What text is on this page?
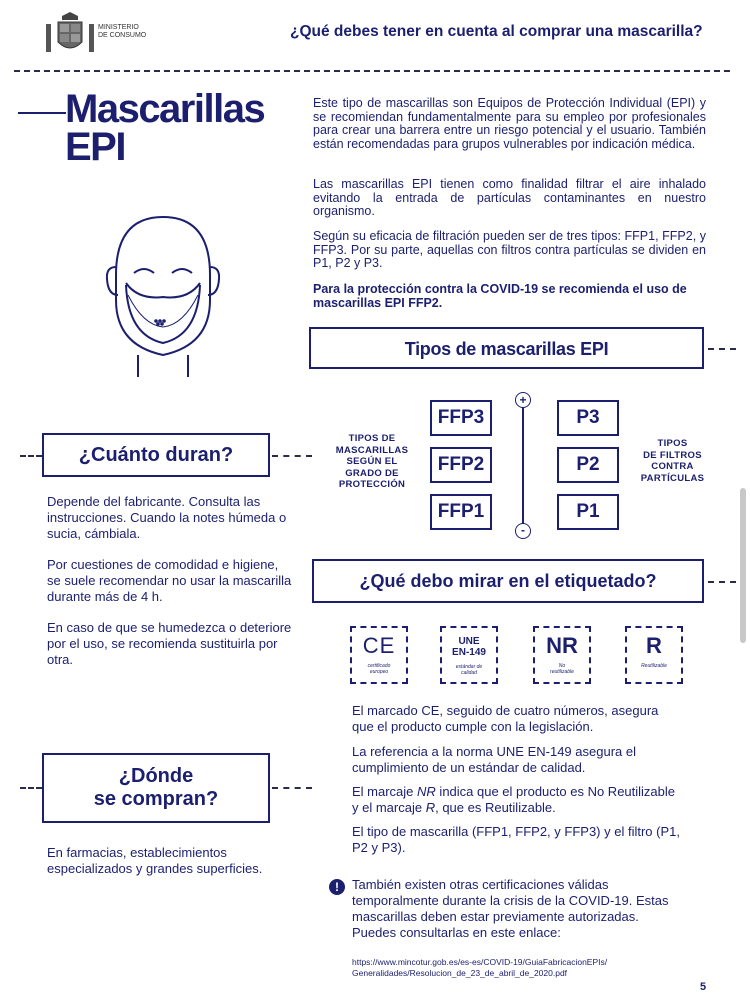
MINISTERIO
DE CONSUMO	¿Qué debes tener en cuenta al comprar una mascarilla?
Mascarillas
EPI

Este tipo de mascarillas son Equipos de Protección Individual (EPI) y se recomiendan fundamentalmente para su empleo por profesionales para crear una barrera entre un riesgo potencial y el usuario. También están recomendadas para grupos vulnerables por indicación médica.

Las mascarillas EPI tienen como finalidad filtrar el aire inhalado evitando la entrada de partículas contaminantes en nuestro organismo.

Según su eficacia de filtración pueden ser de tres tipos: FFP1, FFP2, y FFP3. Por su parte, aquellas con filtros contra partículas se dividen en P1, P2 y P3.

Para la protección contra la COVID-19 se recomienda el uso de mascarillas EPI FFP2.

Tipos de mascarillas EPI
TIPOS DE
MASCARILLAS
SEGÚN EL
GRADO DE
PROTECCIÓN
FFP3
FFP2
FFP1
+
-
P3
P2
P1
TIPOS
DE FILTROS
CONTRA
PARTÍCULAS
¿Cuánto duran?

Depende del fabricante. Consulta las instrucciones. Cuando la notes húmeda o sucia, cámbiala.

Por cuestiones de comodidad e higiene, se suele recomendar no usar la mascarilla durante más de 4 h.

En caso de que se humedezca o deteriore por el uso, se recomienda sustituirla por otra.

¿Qué debo mirar en el etiquetado?
CE
certificado
europeo
UNE
EN-149
estándar de
calidad
NR
No
reutilizable
R
Reutilizable

El marcado CE, seguido de cuatro números, asegura que el producto cumple con la legislación.

La referencia a la norma UNE EN-149 asegura el cumplimiento de un estándar de calidad.

El marcaje NR indica que el producto es No Reutilizable y el marcaje R, que es Reutilizable.

El tipo de mascarilla (FFP1, FFP2, y FFP3) y el filtro (P1, P2 y P3).

¿Dónde
se compran?

En farmacias, establecimientos especializados y grandes superficies.

!	También existen otras certificaciones válidas temporalmente durante la crisis de la COVID-19. Estas mascarillas deben estar previamente autorizadas. Puedes consultarlas en este enlace:

https://www.mincotur.gob.es/es-es/COVID-19/GuiaFabricacionEPIs/
Generalidades/Resolucion_de_23_de_abril_de_2020.pdf
5
